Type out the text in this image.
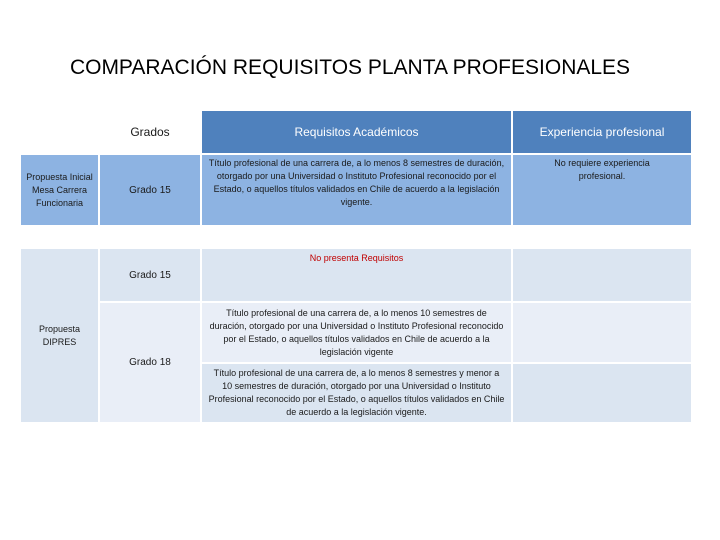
COMPARACIÓN REQUISITOS PLANTA PROFESIONALES
Grados	Requisitos Académicos	Experiencia profesional
Propuesta Inicial Mesa Carrera Funcionaria
Grado 15
Título profesional de una carrera de, a lo menos 8 semestres de duración, otorgado por una Universidad o Instituto Profesional reconocido por el Estado, o aquellos títulos validados en Chile de acuerdo a la legislación vigente.
No requiere experiencia profesional.
Propuesta DIPRES
Grado 15
No presenta Requisitos
Grado 18
Título profesional de una carrera de, a lo menos 10 semestres de duración, otorgado por una Universidad o Instituto Profesional reconocido por el Estado, o aquellos títulos validados en Chile de acuerdo a la legislación vigente
Título profesional de una carrera de, a lo menos 8 semestres y menor a 10 semestres de duración, otorgado por una Universidad o Instituto Profesional reconocido por el Estado, o aquellos títulos validados en Chile de acuerdo a la legislación vigente.
